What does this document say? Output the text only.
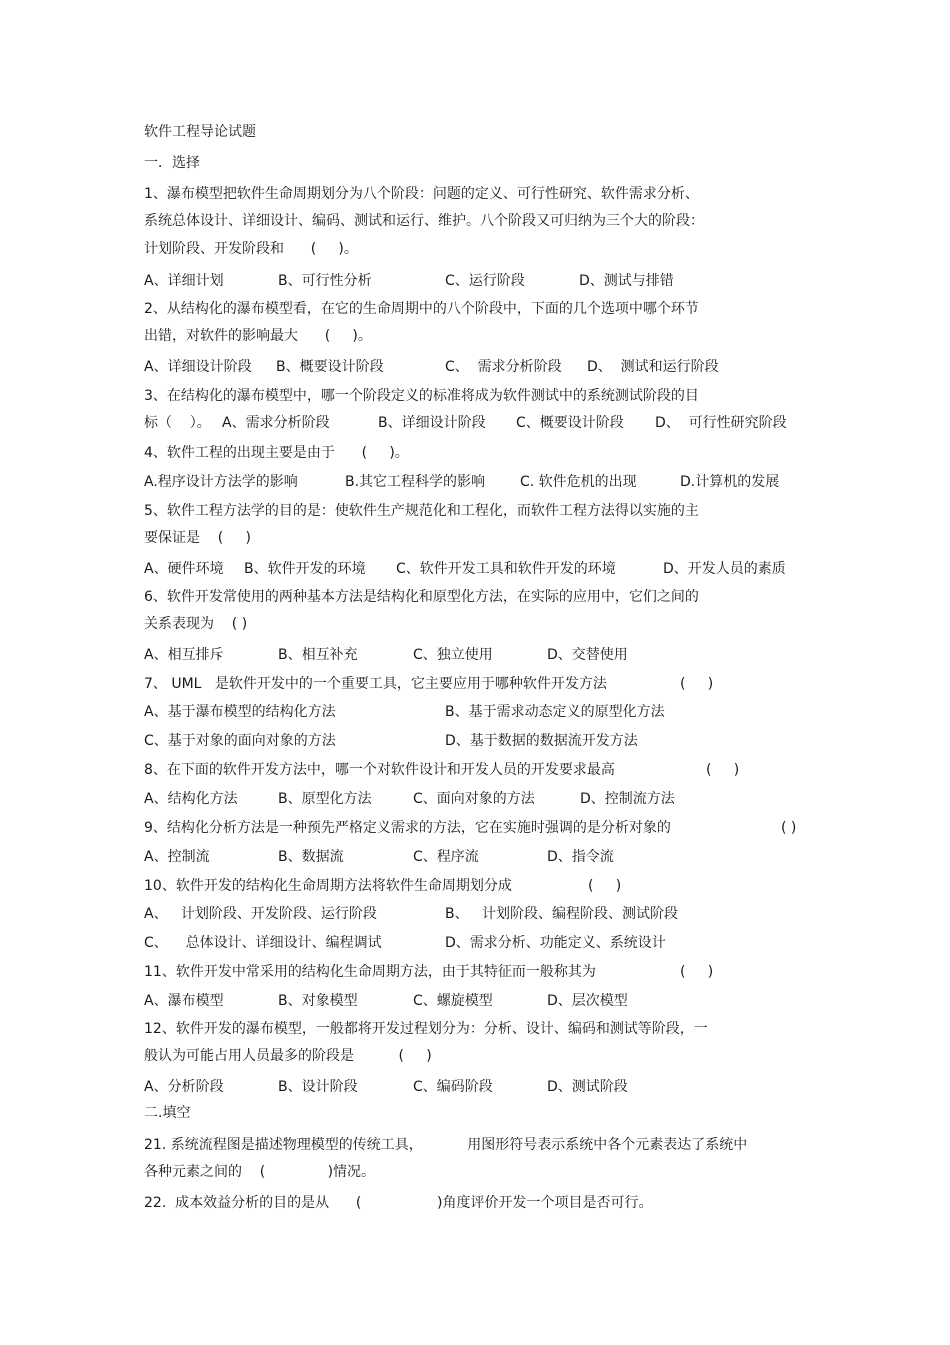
软件工程导论试题
一．选择
1、瀑布模型把软件生命周期划分为八个阶段：问题的定义、可行性研究、软件需求分析、
系统总体设计、详细设计、编码、测试和运行、维护。八个阶段又可归纳为三个大的阶段：
计划阶段、开发阶段和      (     )。
A、详细计划	B、可行性分析	C、运行阶段	D、测试与排错
2、从结构化的瀑布模型看，在它的生命周期中的八个阶段中，下面的几个选项中哪个环节
出错，对软件的影响最大      (     )。
A、详细设计阶段 B、概要设计阶段	C、  需求分析阶段 D、  测试和运行阶段
3、在结构化的瀑布模型中，哪一个阶段定义的标准将成为软件测试中的系统测试阶段的目
标（    ）。 A、需求分析阶段	B、详细设计阶段 C、概要设计阶段 D、  可行性研究阶段
4、软件工程的出现主要是由于      (     )。
A.程序设计方法学的影响	B.其它工程科学的影响 C. 软件危机的出现	D.计算机的发展
5、软件工程方法学的目的是：使软件生产规范化和工程化，而软件工程方法得以实施的主
要保证是    (     )
A、硬件环境 B、软件开发的环境 C、软件开发工具和软件开发的环境	D、开发人员的素质
6、软件开发常使用的两种基本方法是结构化和原型化方法，在实际的应用中，它们之间的
关系表现为    ( )
A、相互排斥	B、相互补充	C、独立使用	D、交替使用
7、 UML   是软件开发中的一个重要工具，它主要应用于哪种软件开发方法	(     )
A、基于瀑布模型的结构化方法	B、基于需求动态定义的原型化方法
C、基于对象的面向对象的方法	D、基于数据的数据流开发方法
8、在下面的软件开发方法中，哪一个对软件设计和开发人员的开发要求最高	(     )
A、结构化方法	B、原型化方法	C、面向对象的方法	D、控制流方法
9、结构化分析方法是一种预先严格定义需求的方法，它在实施时强调的是分析对象的	( )
A、控制流	B、数据流	C、程序流	D、指令流
10、软件开发的结构化生命周期方法将软件生命周期划分成	(     )
A、   计划阶段、开发阶段、运行阶段	B、   计划阶段、编程阶段、测试阶段
C、    总体设计、详细设计、编程调试	D、需求分析、功能定义、系统设计
11、软件开发中常采用的结构化生命周期方法，由于其特征而一般称其为	(     )
A、瀑布模型	B、对象模型	C、螺旋模型	D、层次模型
12、软件开发的瀑布模型，一般都将开发过程划分为：分析、设计、编码和测试等阶段，一
般认为可能占用人员最多的阶段是          (     )
A、分析阶段	B、设计阶段	C、编码阶段	D、测试阶段
二.填空
21. 系统流程图是描述物理模型的传统工具，          用图形符号表示系统中各个元素表达了系统中
各种元素之间的    (              )情况。
22.  成本效益分析的目的是从      (                 )角度评价开发一个项目是否可行。
